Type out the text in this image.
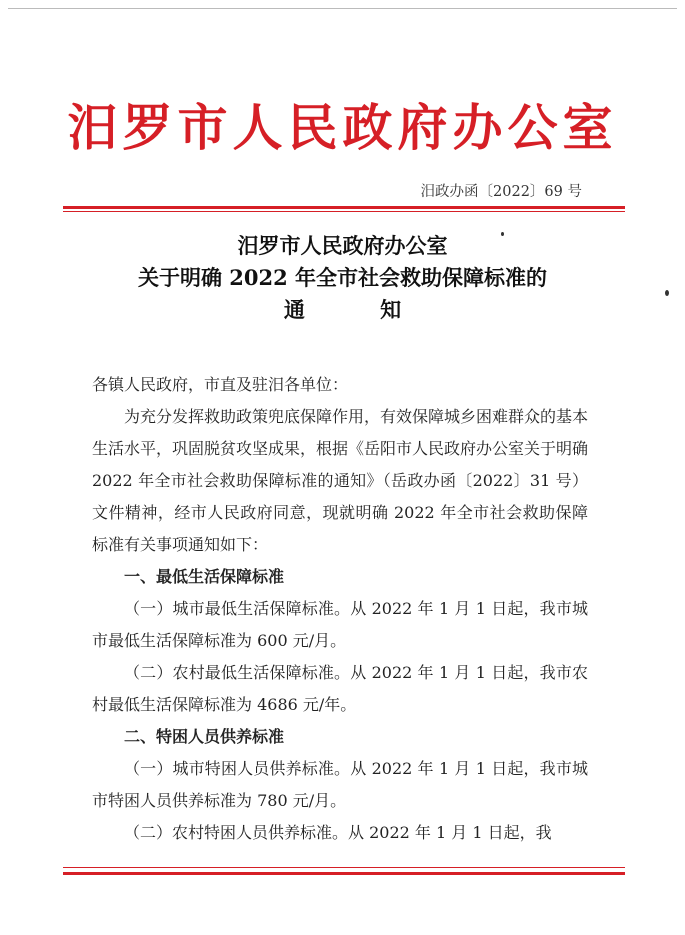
汨罗市人民政府办公室
汨政办函〔2022〕69 号
汨罗市人民政府办公室
关于明确 2022 年全市社会救助保障标准的
通 知

各镇人民政府，市直及驻汨各单位：

为充分发挥救助政策兜底保障作用，有效保障城乡困难群众的基本生活水平，巩固脱贫攻坚成果，根据《岳阳市人民政府办公室关于明确 2022 年全市社会救助保障标准的通知》（岳政办函〔2022〕31 号）文件精神，经市人民政府同意，现就明确 2022 年全市社会救助保障标准有关事项通知如下：

一、最低生活保障标准

（一）城市最低生活保障标准。从 2022 年 1 月 1 日起，我市城市最低生活保障标准为 600 元/月。

（二）农村最低生活保障标准。从 2022 年 1 月 1 日起，我市农村最低生活保障标准为 4686 元/年。

二、特困人员供养标准

（一）城市特困人员供养标准。从 2022 年 1 月 1 日起，我市城市特困人员供养标准为 780 元/月。

（二）农村特困人员供养标准。从 2022 年 1 月 1 日起，我
